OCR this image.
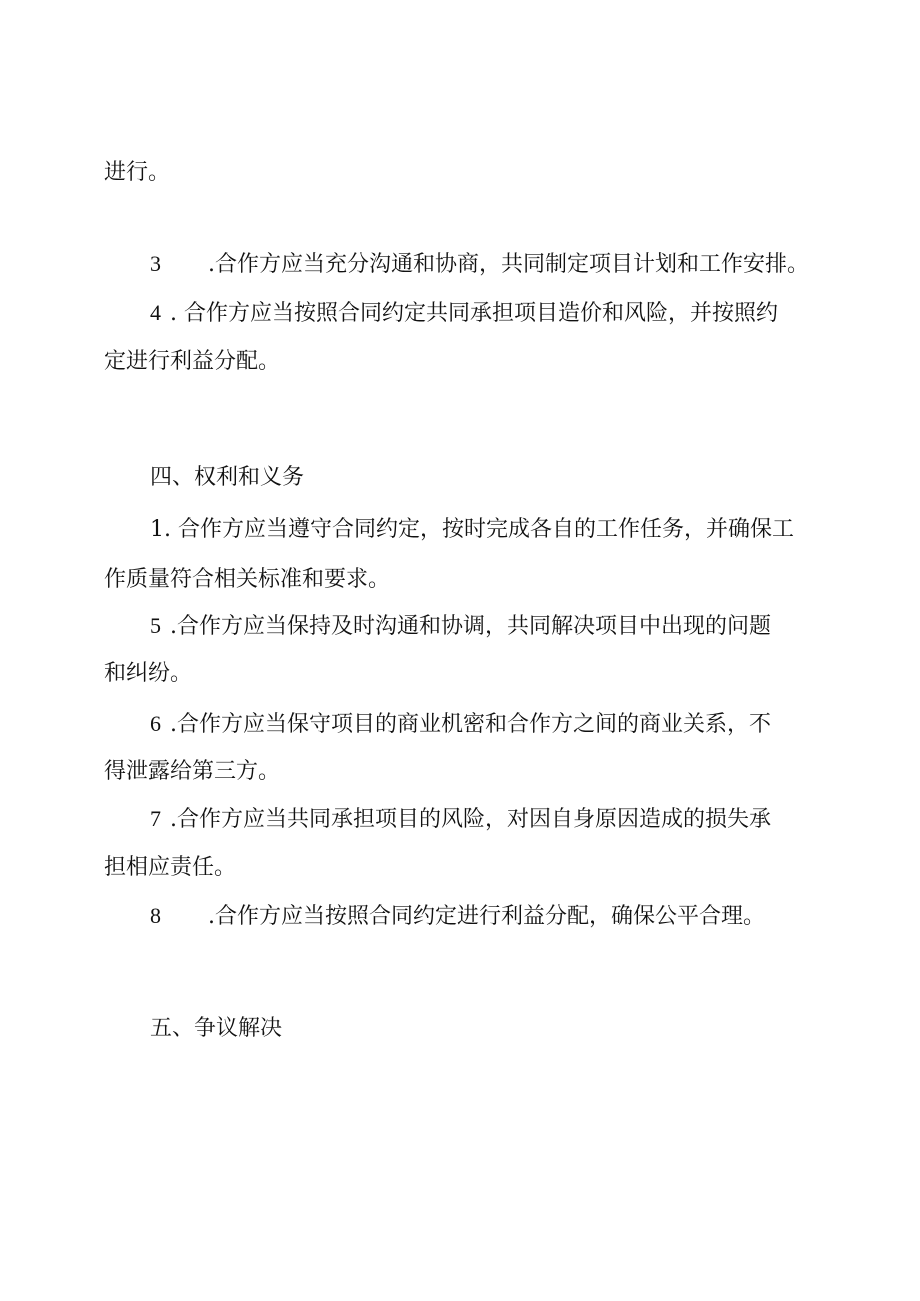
进行。
3 .合作方应当充分沟通和协商，共同制定项目计划和工作安排。
4 . 合作方应当按照合同约定共同承担项目造价和风险，并按照约
定进行利益分配。
四、权利和义务
1. 合作方应当遵守合同约定，按时完成各自的工作任务，并确保工
作质量符合相关标准和要求。
5 .合作方应当保持及时沟通和协调，共同解决项目中出现的问题
和纠纷。
6 .合作方应当保守项目的商业机密和合作方之间的商业关系，不
得泄露给第三方。
7 .合作方应当共同承担项目的风险，对因自身原因造成的损失承
担相应责任。
8 .合作方应当按照合同约定进行利益分配，确保公平合理。
五、争议解决
